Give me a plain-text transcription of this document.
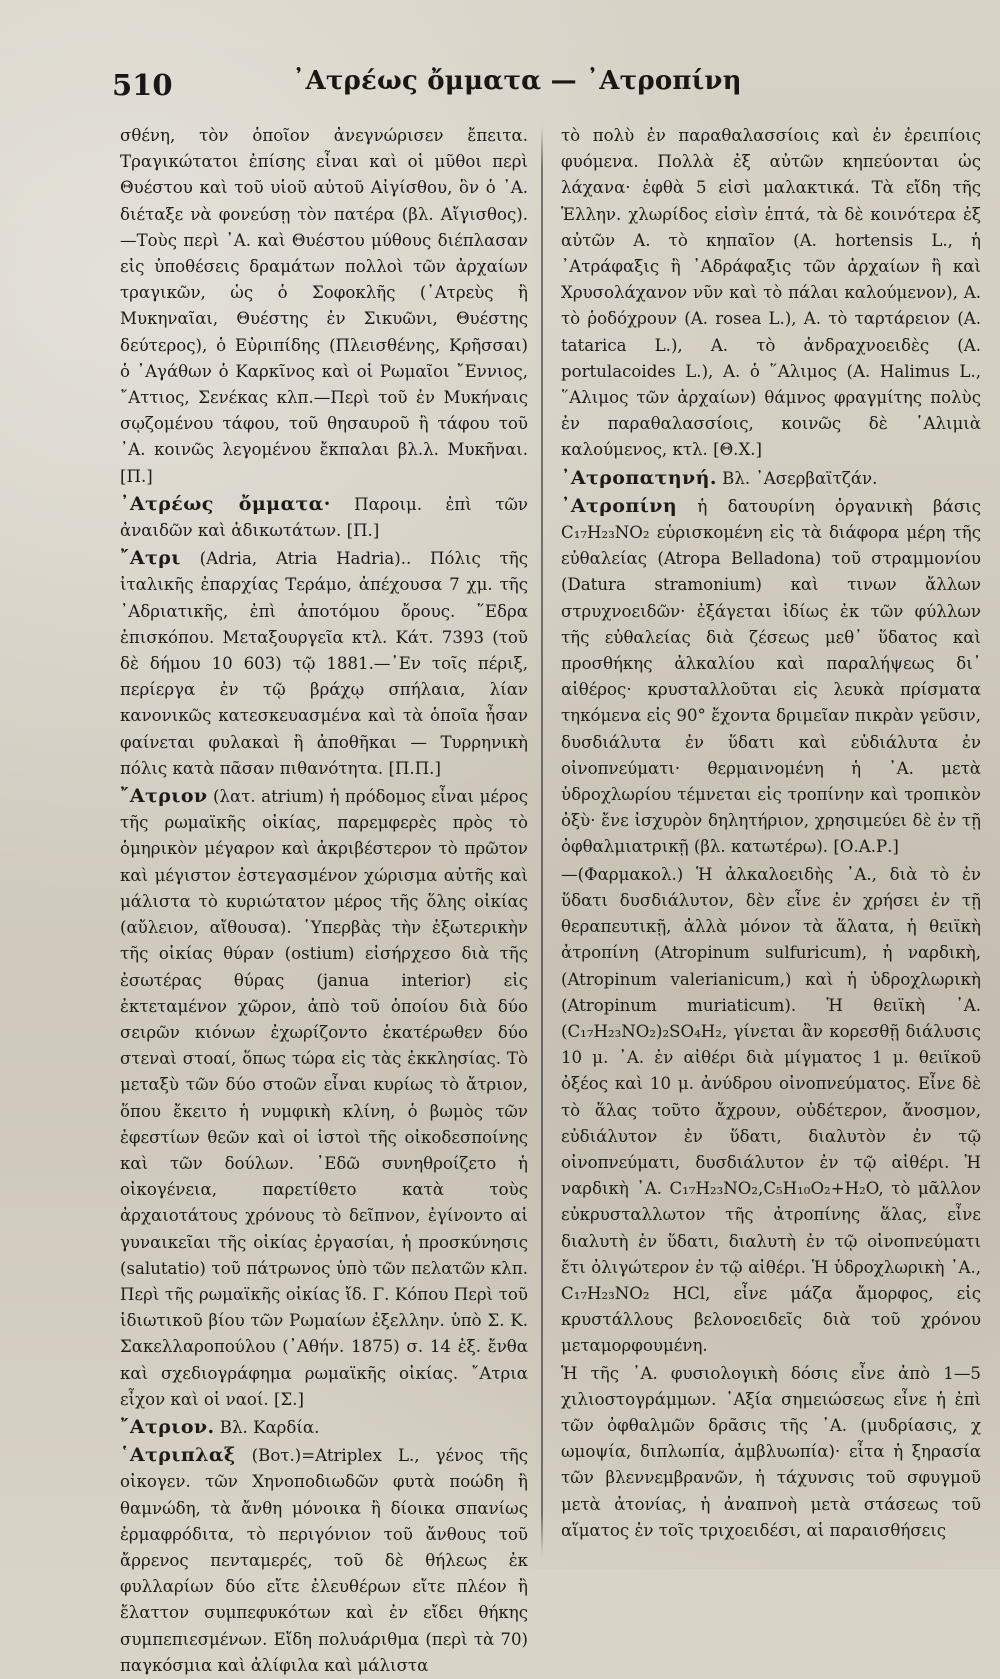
510	᾿Ατρέως ὄμματα — ᾿Ατροπίνη

σθένη, τὸν ὁποῖον ἀνεγνώρισεν ἔπειτα. Τραγικώτατοι ἐπίσης εἶναι καὶ οἱ μῦθοι περὶ Θυέστου καὶ τοῦ υἱοῦ αὐτοῦ Αἰγίσθου, ὃν ὁ ᾿Α. διέταξε νὰ φονεύσῃ τὸν πατέρα (βλ. Αἴγισθος). —Τοὺς περὶ ᾿Α. καὶ Θυέστου μύθους διέπλασαν εἰς ὑποθέσεις δραμάτων πολλοὶ τῶν ἀρχαίων τραγικῶν, ὡς ὁ Σοφοκλῆς (᾿Ατρεὺς ἢ Μυκηναῖαι, Θυέστης ἐν Σικυῶνι, Θυέστης δεύτερος), ὁ Εὐριπίδης (Πλεισθένης, Κρῆσσαι) ὁ ᾿Αγάθων ὁ Καρκῖνος καὶ οἱ Ρωμαῖοι ῎Εννιος, ῎Αττιος, Σενέκας κλπ.—Περὶ τοῦ ἐν Μυκήναις σῳζομένου τάφου, τοῦ θησαυροῦ ἢ τάφου τοῦ ᾿Α. κοινῶς λεγομένου ἔκπαλαι βλ.λ. Μυκῆναι. [Π.]

᾿Ατρέως ὄμματα· Παροιμ. ἐπὶ τῶν ἀναιδῶν καὶ ἀδικωτάτων. [Π.]

῎Ατρι (Adria, Atria Hadria).. Πόλις τῆς ἰταλικῆς ἐπαρχίας Τεράμο, ἀπέχουσα 7 χμ. τῆς ᾿Αδριατικῆς, ἐπὶ ἀποτόμου ὄρους. ῞Εδρα ἐπισκόπου. Μεταξουργεῖα κτλ. Κάτ. 7393 (τοῦ δὲ δήμου 10 603) τῷ 1881.—᾿Εν τοῖς πέριξ, περίεργα ἐν τῷ βράχῳ σπήλαια, λίαν κανονικῶς κατεσκευασμένα καὶ τὰ ὁποῖα ἦσαν φαίνεται φυλακαὶ ἢ ἀποθῆκαι — Τυρρηνικὴ πόλις κατὰ πᾶσαν πιθανότητα. [Π.Π.]

῎Ατριον (λατ. atrium) ἡ πρόδομος εἶναι μέρος τῆς ρωμαϊκῆς οἰκίας, παρεμφερὲς πρὸς τὸ ὁμηρικὸν μέγαρον καὶ ἀκριβέστερον τὸ πρῶτον καὶ μέγιστον ἐστεγασμένον χώρισμα αὐτῆς καὶ μάλιστα τὸ κυριώτατον μέρος τῆς ὅλης οἰκίας (αὔλειον, αἴθουσα). ῾Υπερβὰς τὴν ἐξωτερικὴν τῆς οἰκίας θύραν (ostium) εἰσήρχεσο διὰ τῆς ἐσωτέρας θύρας (janua interior) εἰς ἐκτεταμένον χῶρον, ἀπὸ τοῦ ὁποίου διὰ δύο σειρῶν κιόνων ἐχωρίζοντο ἑκατέρωθεν δύο στεναὶ στοαί, ὅπως τώρα εἰς τὰς ἐκκλησίας. Τὸ μεταξὺ τῶν δύο στοῶν εἶναι κυρίως τὸ ἄτριον, ὅπου ἔκειτο ἡ νυμφικὴ κλίνη, ὁ βωμὸς τῶν ἐφεστίων θεῶν καὶ οἱ ἱστοὶ τῆς οἰκοδεσποίνης καὶ τῶν δούλων. ᾿Εδῶ συνηθροίζετο ἡ οἰκογένεια, παρετίθετο κατὰ τοὺς ἀρχαιοτάτους χρόνους τὸ δεῖπνον, ἐγίνοντο αἱ γυναικεῖαι τῆς οἰκίας ἐργασίαι, ἡ προσκύνησις (salutatio) τοῦ πάτρωνος ὑπὸ τῶν πελατῶν κλπ. Περὶ τῆς ρωμαϊκῆς οἰκίας ἴδ. Γ. Κόπου Περὶ τοῦ ἰδιωτικοῦ βίου τῶν Ρωμαίων ἐξελλην. ὑπὸ Σ. Κ. Σακελλαροπούλου (᾿Αθήν. 1875) σ. 14 ἐξ. ἔνθα καὶ σχεδιογράφημα ρωμαϊκῆς οἰκίας. ῎Ατρια εἶχον καὶ οἱ ναοί. [Σ.]

῎Ατριον. Βλ. Καρδία.

῾Ατριπλαξ (Βοτ.)=Atriplex L., γένος τῆς οἰκογεν. τῶν Χηνοποδιωδῶν φυτὰ ποώδη ἢ θαμνώδη, τὰ ἄνθη μόνοικα ἢ δίοικα σπανίως ἑρμαφρόδιτα, τὸ περιγόνιον τοῦ ἄνθους τοῦ ἄρρενος πενταμερές, τοῦ δὲ θήλεως ἐκ φυλλαρίων δύο εἴτε ἐλευθέρων εἴτε πλέον ἢ ἔλαττον συμπεφυκότων καὶ ἐν εἴδει θήκης συμπεπιεσμένων. Εἴδη πολυάριθμα (περὶ τὰ 70) παγκόσμια καὶ ἀλίφιλα καὶ μάλιστα

τὸ πολὺ ἐν παραθαλασσίοις καὶ ἐν ἐρειπίοις φυόμενα. Πολλὰ ἐξ αὐτῶν κηπεύονται ὡς λάχανα· ἐφθὰ 5 εἰσὶ μαλακτικά. Τὰ εἴδη τῆς Ἑλλην. χλωρίδος εἰσὶν ἑπτά, τὰ δὲ κοινότερα ἐξ αὐτῶν Α. τὸ κηπαῖον (Α. hortensis L., ἡ ᾿Ατράφαξις ἢ ᾿Αδράφαξις τῶν ἀρχαίων ἢ καὶ Χρυσολάχανον νῦν καὶ τὸ πάλαι καλούμενον), Α. τὸ ῥοδόχρουν (Α. rosea L.), Α. τὸ ταρτάρειον (Α. tatarica L.), Α. τὸ ἀνδραχνοειδὲς (Α. portulacoides L.), Α. ὁ ῞Αλιμος (Α. Halimus L., ῞Αλιμος τῶν ἀρχαίων) θάμνος φραγμίτης πολὺς ἐν παραθαλασσίοις, κοινῶς δὲ ῾Αλιμιὰ καλούμενος, κτλ. [Θ.Χ.]

᾿Ατροπατηνή. Βλ. ᾿Ασερβαϊτζάν.

᾿Ατροπίνη ἡ δατουρίνη ὀργανικὴ βάσις C₁₇H₂₃NO₂ εὑρισκομένη εἰς τὰ διάφορα μέρη τῆς εὐθαλείας (Atropa Belladona) τοῦ στραμμονίου (Datura stramonium) καὶ τινων ἄλλων στρυχνοειδῶν· ἐξάγεται ἰδίως ἐκ τῶν φύλλων τῆς εὐθαλείας διὰ ζέσεως μεθ᾿ ὕδατος καὶ προσθήκης ἀλκαλίου καὶ παραλήψεως δι᾿ αἰθέρος· κρυσταλλοῦται εἰς λευκὰ πρίσματα τηκόμενα εἰς 90° ἔχοντα δριμεῖαν πικρὰν γεῦσιν, δυσδιάλυτα ἐν ὕδατι καὶ εὐδιάλυτα ἐν οἰνοπνεύματι· θερμαινομένη ἡ ᾿Α. μετὰ ὑδροχλωρίου τέμνεται εἰς τροπίνην καὶ τροπικὸν ὀξὺ· ἔνε ἰσχυρὸν δηλητήριον, χρησιμεύει δὲ ἐν τῇ ὀφθαλμιατρικῇ (βλ. κατωτέρω). [Ο.Α.Ρ.]

—(Φαρμακολ.) Ἡ ἀλκαλοειδὴς ᾿Α., διὰ τὸ ἐν ὕδατι δυσδιάλυτον, δὲν εἶνε ἐν χρήσει ἐν τῇ θεραπευτικῇ, ἀλλὰ μόνον τὰ ἅλατα, ἡ θειϊκὴ ἀτροπίνη (Atropinum sulfuricum), ἡ ναρδικὴ, (Atropinum valerianicum,) καὶ ἡ ὑδροχλωρικὴ (Atropinum muriaticum). Ἡ θειϊκὴ ᾿Α. (C₁₇H₂₃NO₂)₂SO₄H₂, γίνεται ἂν κορεσθῇ διάλυσις 10 μ. ᾿Α. ἐν αἰθέρι διὰ μίγματος 1 μ. θειϊκοῦ ὀξέος καὶ 10 μ. ἀνύδρου οἰνοπνεύματος. Εἶνε δὲ τὸ ἅλας τοῦτο ἄχρουν, οὐδέτερον, ἄνοσμον, εὐδιάλυτον ἐν ὕδατι, διαλυτὸν ἐν τῷ οἰνοπνεύματι, δυσδιάλυτον ἐν τῷ αἰθέρι. Ἡ ναρδικὴ ᾿Α. C₁₇H₂₃NO₂,C₅H₁₀O₂+H₂O, τὸ μᾶλλον εὐκρυσταλλωτον τῆς ἀτροπίνης ἅλας, εἶνε διαλυτὴ ἐν ὕδατι, διαλυτὴ ἐν τῷ οἰνοπνεύματι ἔτι ὀλιγώτερον ἐν τῷ αἰθέρι. Ἡ ὑδροχλωρικὴ ᾿Α., C₁₇H₂₃NO₂ HCl, εἶνε μάζα ἄμορφος, εἰς κρυστάλλους βελονοειδεῖς διὰ τοῦ χρόνου μεταμορφουμένη.

Ἡ τῆς ᾿Α. φυσιολογικὴ δόσις εἶνε ἀπὸ 1—5 χιλιοστογράμμων. ᾿Αξία σημειώσεως εἶνε ἡ ἐπὶ τῶν ὀφθαλμῶν δρᾶσις τῆς ᾿Α. (μυδρίασις, χ ωμοψία, διπλωπία, ἀμβλυωπία)· εἶτα ἡ ξηρασία τῶν βλεννεμβρανῶν, ἡ τάχυνσις τοῦ σφυγμοῦ μετὰ ἀτονίας, ἡ ἀναπνοὴ μετὰ στάσεως τοῦ αἵματος ἐν τοῖς τριχοειδέσι, αἱ παραισθήσεις
